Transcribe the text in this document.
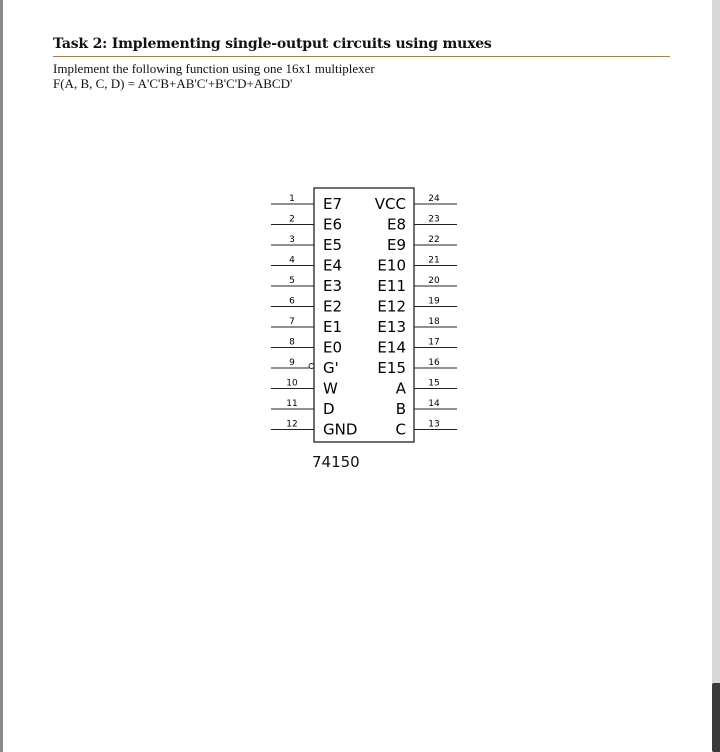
Task 2: Implementing single-output circuits using muxes
Implement the following function using one 16x1 multiplexer
F(A, B, C, D) = A'C'B+AB'C'+B'C'D+ABCD'
1 E7
2 E6
3 E5
4 E4
5 E3
6 E2
7 E1
8 E0
9 G'
10 W
11 D
12 GND
24
VCC
23
E8
22
E9
21
E10
20
E11
19
E12
18
E13
17
E14
16
E15
15
A
14
B
13
C
74150
